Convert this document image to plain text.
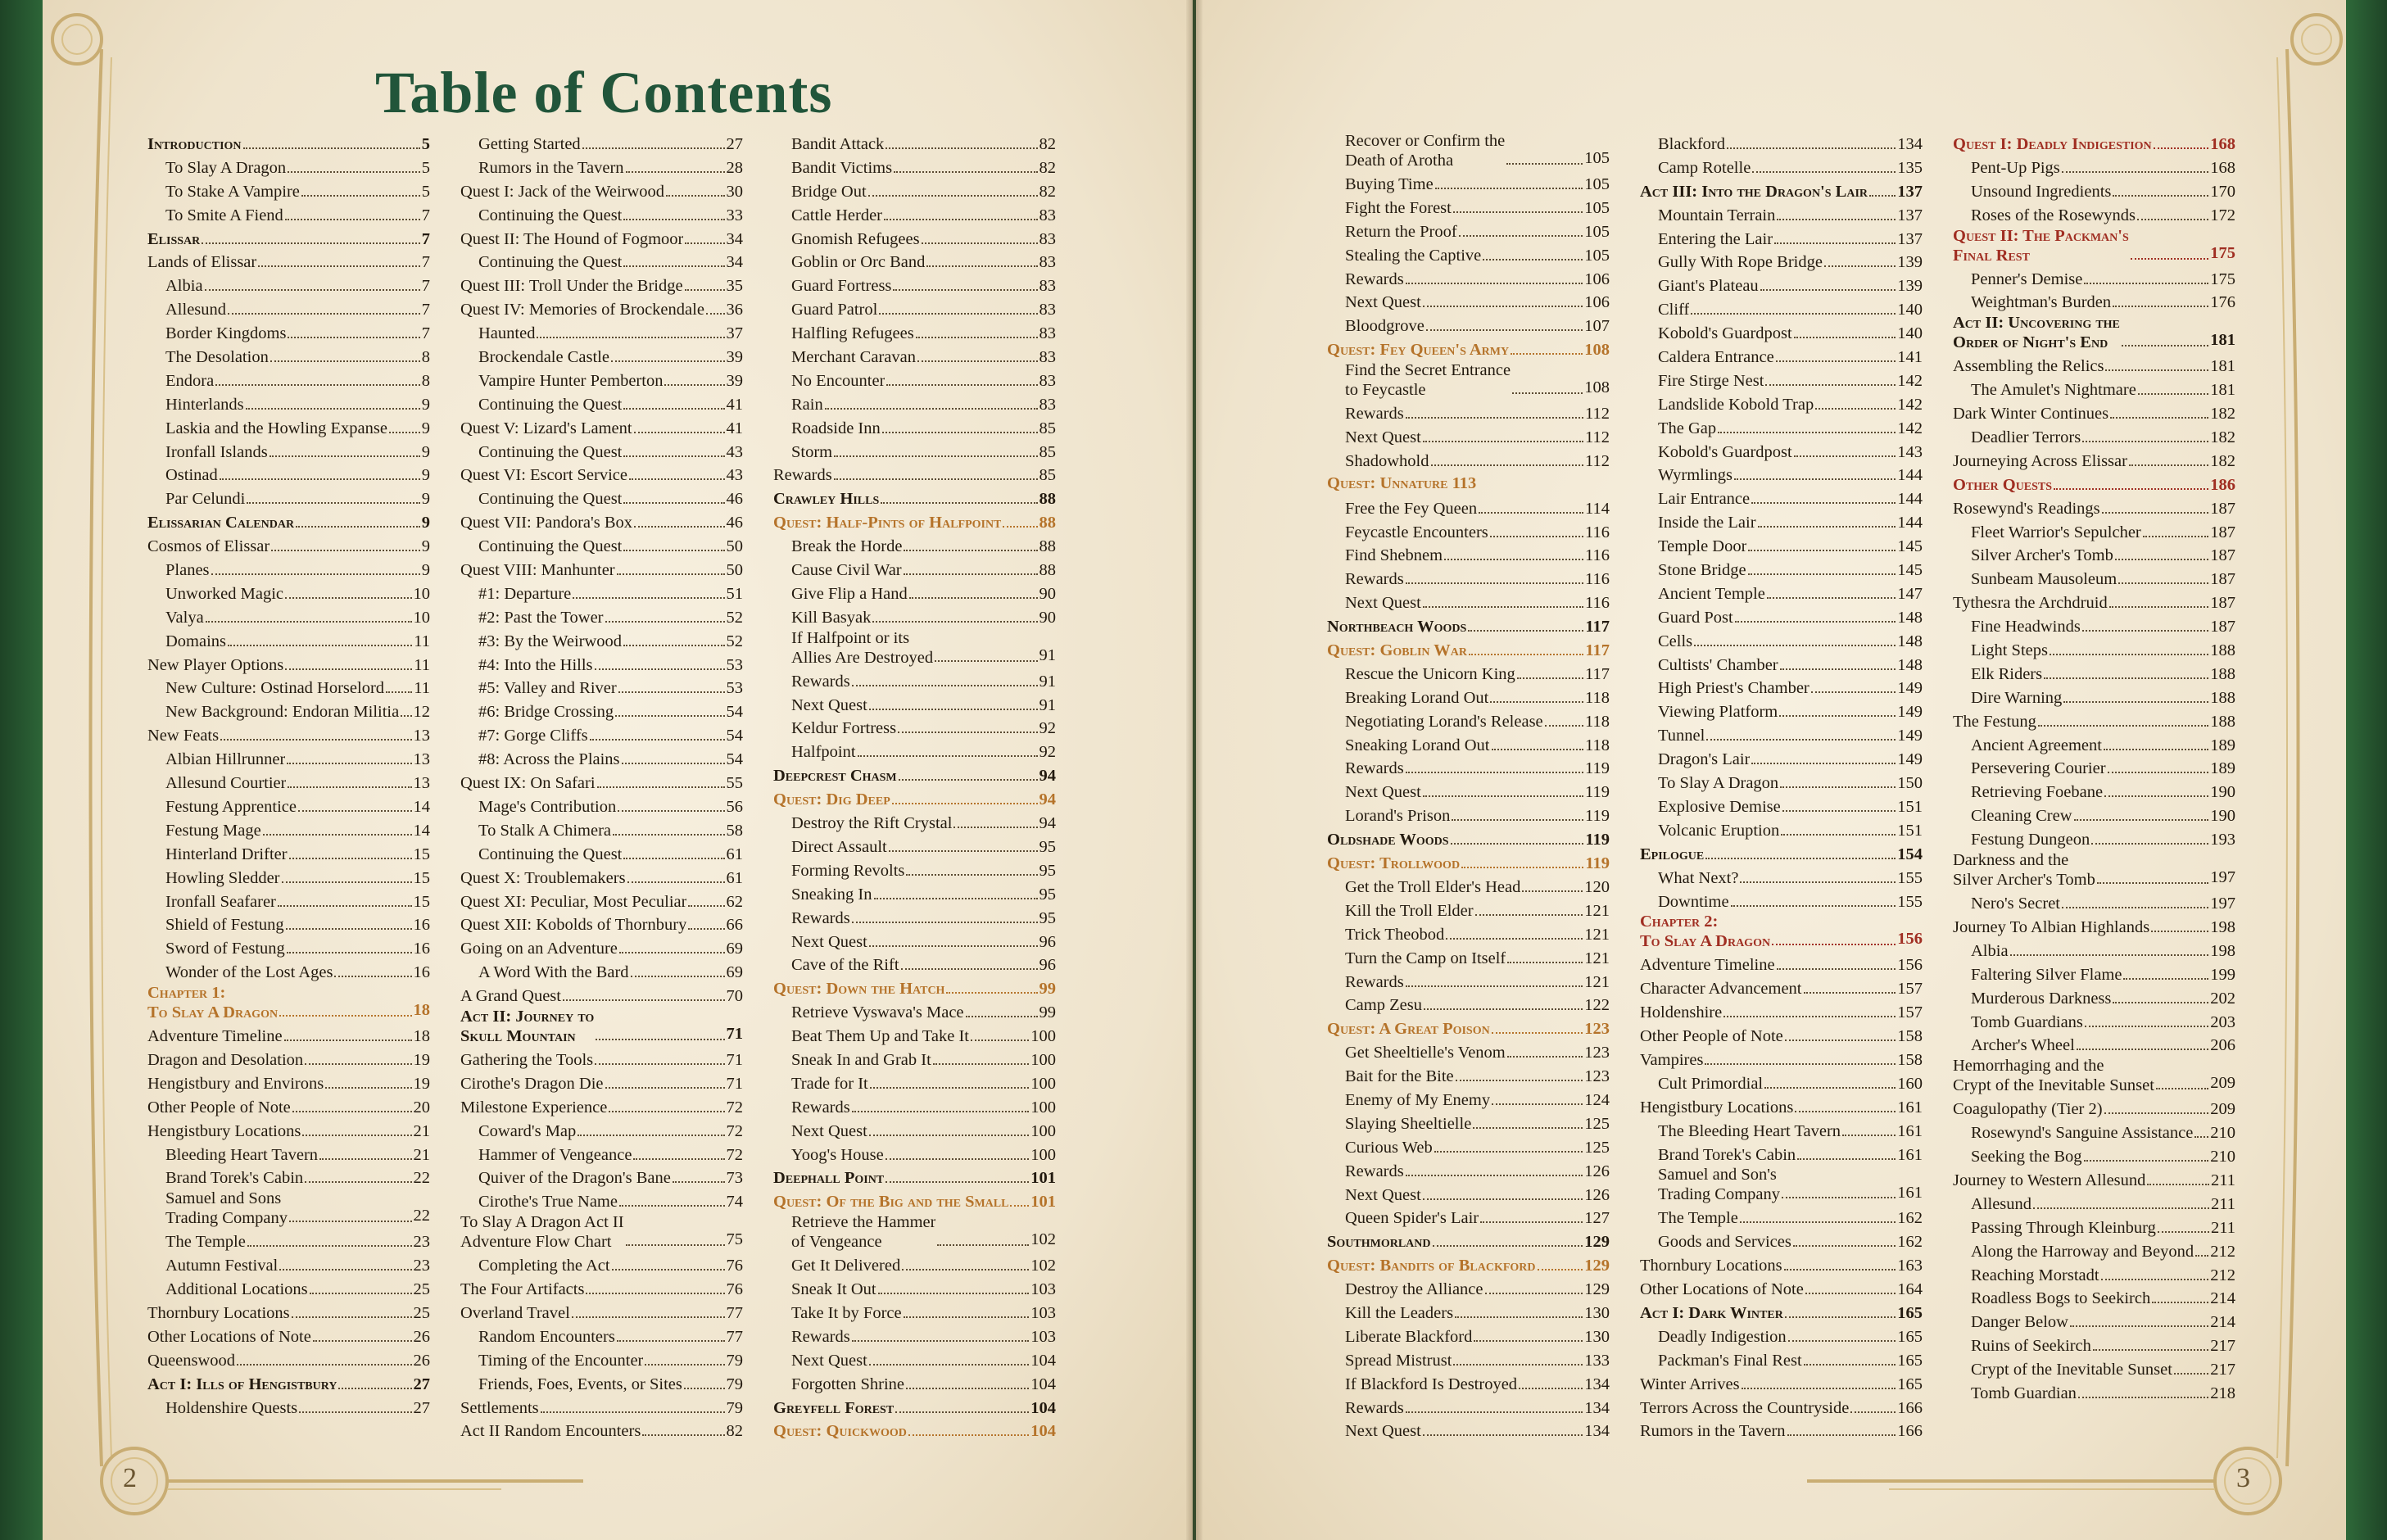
Table of Contents
2	3
Introduction	5
To Slay A Dragon	5
To Stake A Vampire	5
To Smite A Fiend	7
Elissar	7
Lands of Elissar	7
Albia	7
Allesund	7
Border Kingdoms	7
The Desolation	8
Endora	8
Hinterlands	9
Laskia and the Howling Expanse 9
Ironfall Islands	9
Ostinad	9
Par Celundi	9
Elissarian Calendar	9
Cosmos of Elissar	9
Planes	9
Unworked Magic	10
Valya	10
Domains	11
New Player Options	11
New Culture: Ostinad Horselord 11
New Background: Endoran Militia 12
New Feats	13
Albian Hillrunner	13
Allesund Courtier	13
Festung Apprentice	14
Festung Mage	14
Hinterland Drifter	15
Howling Sledder	15
Ironfall Seafarer	15
Shield of Festung	16
Sword of Festung	16
Wonder of the Lost Ages	16
Chapter 1:
To Slay A Dragon	18
Adventure Timeline	18
Dragon and Desolation	19
Hengistbury and Environs	19
Other People of Note	20
Hengistbury Locations	21
Bleeding Heart Tavern	21
Brand Torek's Cabin	22
Samuel and Sons
Trading Company	22
The Temple	23
Autumn Festival	23
Additional Locations	25
Thornbury Locations	25
Other Locations of Note	26
Queenswood	26
Act I: Ills of Hengistbury	27
Holdenshire Quests	27
Getting Started	27
Rumors in the Tavern	28
Quest I: Jack of the Weirwood	30
Continuing the Quest	33
Quest II: The Hound of Fogmoor	34
Continuing the Quest	34
Quest III: Troll Under the Bridge	35
Quest IV: Memories of Brockendale 36
Haunted	37
Brockendale Castle	39
Vampire Hunter Pemberton	39
Continuing the Quest	41
Quest V: Lizard's Lament	41
Continuing the Quest	43
Quest VI: Escort Service	43
Continuing the Quest	46
Quest VII: Pandora's Box	46
Continuing the Quest	50
Quest VIII: Manhunter	50
#1: Departure	51
#2: Past the Tower	52
#3: By the Weirwood	52
#4: Into the Hills	53
#5: Valley and River	53
#6: Bridge Crossing	54
#7: Gorge Cliffs	54
#8: Across the Plains	54
Quest IX: On Safari	55
Mage's Contribution	56
To Stalk A Chimera	58
Continuing the Quest	61
Quest X: Troublemakers	61
Quest XI: Peculiar, Most Peculiar 62
Quest XII: Kobolds of Thornbury 66
Going on an Adventure	69
A Word With the Bard	69
A Grand Quest	70
Act II: Journey to
Skull Mountain	71
Gathering the Tools	71
Cirothe's Dragon Die	71
Milestone Experience	72
Coward's Map	72
Hammer of Vengeance	72
Quiver of the Dragon's Bane	73
Cirothe's True Name	74
To Slay A Dragon Act II
Adventure Flow Chart	75
Completing the Act	76
The Four Artifacts	76
Overland Travel	77
Random Encounters	77
Timing of the Encounter	79
Friends, Foes, Events, or Sites	79
Settlements	79
Act II Random Encounters	82
Bandit Attack	82
Bandit Victims	82
Bridge Out	82
Cattle Herder	83
Gnomish Refugees	83
Goblin or Orc Band	83
Guard Fortress	83
Guard Patrol	83
Halfling Refugees	83
Merchant Caravan	83
No Encounter	83
Rain	83
Roadside Inn	85
Storm	85
Rewards	85
Crawley Hills	88
Quest: Half-Pints of Halfpoint 88
Break the Horde	88
Cause Civil War	88
Give Flip a Hand	90
Kill Basyak	90
If Halfpoint or its
Allies Are Destroyed	91
Rewards	91
Next Quest	91
Keldur Fortress	92
Halfpoint	92
Deepcrest Chasm	94
Quest: Dig Deep	94
Destroy the Rift Crystal	94
Direct Assault	95
Forming Revolts	95
Sneaking In	95
Rewards	95
Next Quest	96
Cave of the Rift	96
Quest: Down the Hatch	99
Retrieve Vyswava's Mace	99
Beat Them Up and Take It	100
Sneak In and Grab It	100
Trade for It	100
Rewards	100
Next Quest	100
Yoog's House	100
Deephall Point	101
Quest: Of the Big and the Small 101
Retrieve the Hammer
of Vengeance	102
Get It Delivered	102
Sneak It Out	103
Take It by Force	103
Rewards	103
Next Quest	104
Forgotten Shrine	104
Greyfell Forest	104
Quest: Quickwood	104
Recover or Confirm the
Death of Arotha	105
Buying Time	105
Fight the Forest	105
Return the Proof	105
Stealing the Captive	105
Rewards	106
Next Quest	106
Bloodgrove	107
Quest: Fey Queen's Army	108
Find the Secret Entrance
to Feycastle	108
Rewards	112
Next Quest	112
Shadowhold	112
Quest: Unnature 113
Free the Fey Queen	114
Feycastle Encounters	116
Find Shebnem	116
Rewards	116
Next Quest	116
Northbeach Woods	117
Quest: Goblin War	117
Rescue the Unicorn King	117
Breaking Lorand Out	118
Negotiating Lorand's Release	118
Sneaking Lorand Out	118
Rewards	119
Next Quest	119
Lorand's Prison	119
Oldshade Woods	119
Quest: Trollwood	119
Get the Troll Elder's Head	120
Kill the Troll Elder	121
Trick Theobod	121
Turn the Camp on Itself	121
Rewards	121
Camp Zesu	122
Quest: A Great Poison	123
Get Sheeltielle's Venom	123
Bait for the Bite	123
Enemy of My Enemy	124
Slaying Sheeltielle	125
Curious Web	125
Rewards	126
Next Quest	126
Queen Spider's Lair	127
Southmorland	129
Quest: Bandits of Blackford	129
Destroy the Alliance	129
Kill the Leaders	130
Liberate Blackford	130
Spread Mistrust	133
If Blackford Is Destroyed	134
Rewards	134
Next Quest	134
Blackford	134
Camp Rotelle	135
Act III: Into the Dragon's Lair 137
Mountain Terrain	137
Entering the Lair	137
Gully With Rope Bridge	139
Giant's Plateau	139
Cliff	140
Kobold's Guardpost	140
Caldera Entrance	141
Fire Stirge Nest	142
Landslide Kobold Trap	142
The Gap	142
Kobold's Guardpost	143
Wyrmlings	144
Lair Entrance	144
Inside the Lair	144
Temple Door	145
Stone Bridge	145
Ancient Temple	147
Guard Post	148
Cells	148
Cultists' Chamber	148
High Priest's Chamber	149
Viewing Platform	149
Tunnel	149
Dragon's Lair	149
To Slay A Dragon	150
Explosive Demise	151
Volcanic Eruption	151
Epilogue	154
What Next?	155
Downtime	155
Chapter 2:
To Slay A Dragon	156
Adventure Timeline	156
Character Advancement	157
Holdenshire	157
Other People of Note	158
Vampires	158
Cult Primordial	160
Hengistbury Locations	161
The Bleeding Heart Tavern	161
Brand Torek's Cabin	161
Samuel and Son's
Trading Company	161
The Temple	162
Goods and Services	162
Thornbury Locations	163
Other Locations of Note	164
Act I: Dark Winter	165
Deadly Indigestion	165
Packman's Final Rest	165
Winter Arrives	165
Terrors Across the Countryside	166
Rumors in the Tavern	166
Quest I: Deadly Indigestion	168
Pent-Up Pigs	168
Unsound Ingredients	170
Roses of the Rosewynds	172
Quest II: The Packman's
Final Rest	175
Penner's Demise	175
Weightman's Burden	176
Act II: Uncovering the
Order of Night's End	181
Assembling the Relics	181
The Amulet's Nightmare	181
Dark Winter Continues	182
Deadlier Terrors	182
Journeying Across Elissar	182
Other Quests	186
Rosewynd's Readings	187
Fleet Warrior's Sepulcher	187
Silver Archer's Tomb	187
Sunbeam Mausoleum	187
Tythesra the Archdruid	187
Fine Headwinds	187
Light Steps	188
Elk Riders	188
Dire Warning	188
The Festung	188
Ancient Agreement	189
Persevering Courier	189
Retrieving Foebane	190
Cleaning Crew	190
Festung Dungeon	193
Darkness and the
Silver Archer's Tomb	197
Nero's Secret	197
Journey To Albian Highlands	198
Albia	198
Faltering Silver Flame	199
Murderous Darkness	202
Tomb Guardians	203
Archer's Wheel	206
Hemorrhaging and the
Crypt of the Inevitable Sunset	209
Coagulopathy (Tier 2)	209
Rosewynd's Sanguine Assistance 210
Seeking the Bog	210
Journey to Western Allesund	211
Allesund	211
Passing Through Kleinburg	211
Along the Harroway and Beyond 212
Reaching Morstadt	212
Roadless Bogs to Seekirch	214
Danger Below	214
Ruins of Seekirch	217
Crypt of the Inevitable Sunset 217
Tomb Guardian	218
